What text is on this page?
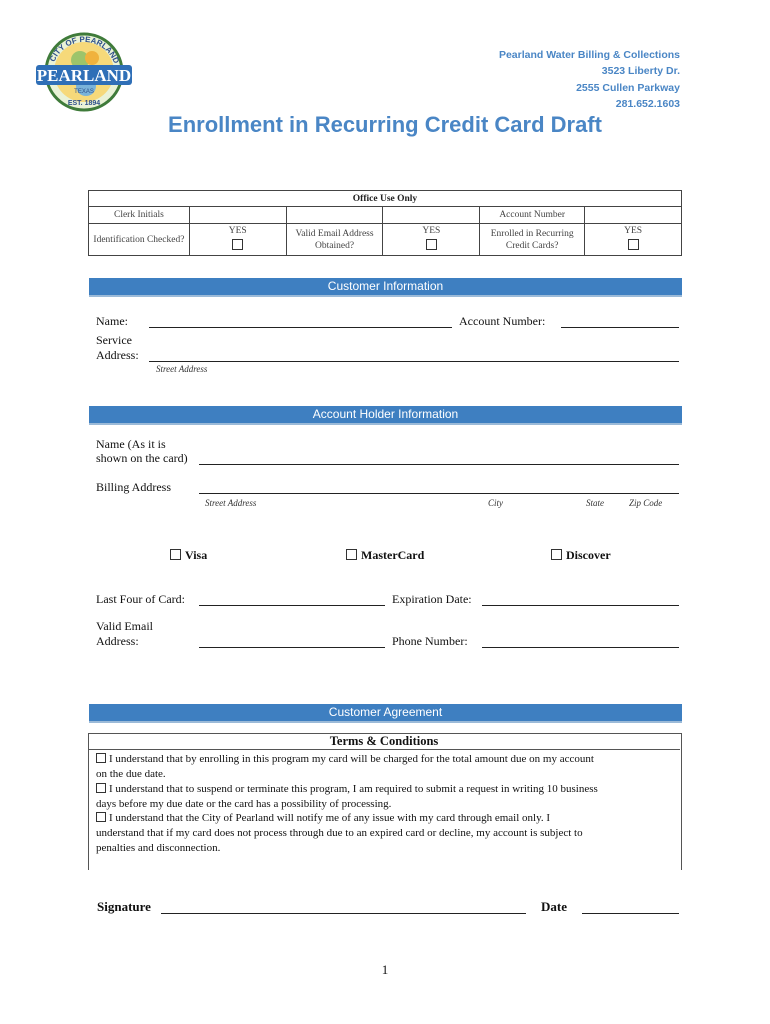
CITY OF PEARLAND
PEARLAND
TEXAS
EST. 1894
Pearland Water Billing & Collections
3523 Liberty Dr.
2555 Cullen Parkway
281.652.1603
Enrollment in Recurring Credit Card Draft
Office Use Only					
Clerk Initials				Account Number	
Identification Checked?	YES	Valid Email Address Obtained?	YES	Enrolled in Recurring Credit Cards?	YES
Customer Information
Name:	Account Number:
Service
Address:
Street Address
Account Holder Information
Name (As it is
shown on the card)
Billing Address
Street Address	City	State	Zip Code
Visa	MasterCard	Discover
Last Four of Card:	Expiration Date:
Valid Email
Address:	Phone Number:
Customer Agreement
Terms & Conditions
I understand that by enrolling in this program my card will be charged for the total amount due on my account
on the due date.
I understand that to suspend or terminate this program, I am required to submit a request in writing 10 business
days before my due date or the card has a possibility of processing.
I understand that the City of Pearland will notify me of any issue with my card through email only. I
understand that if my card does not process through due to an expired card or decline, my account is subject to
penalties and disconnection.
Signature	Date
1
